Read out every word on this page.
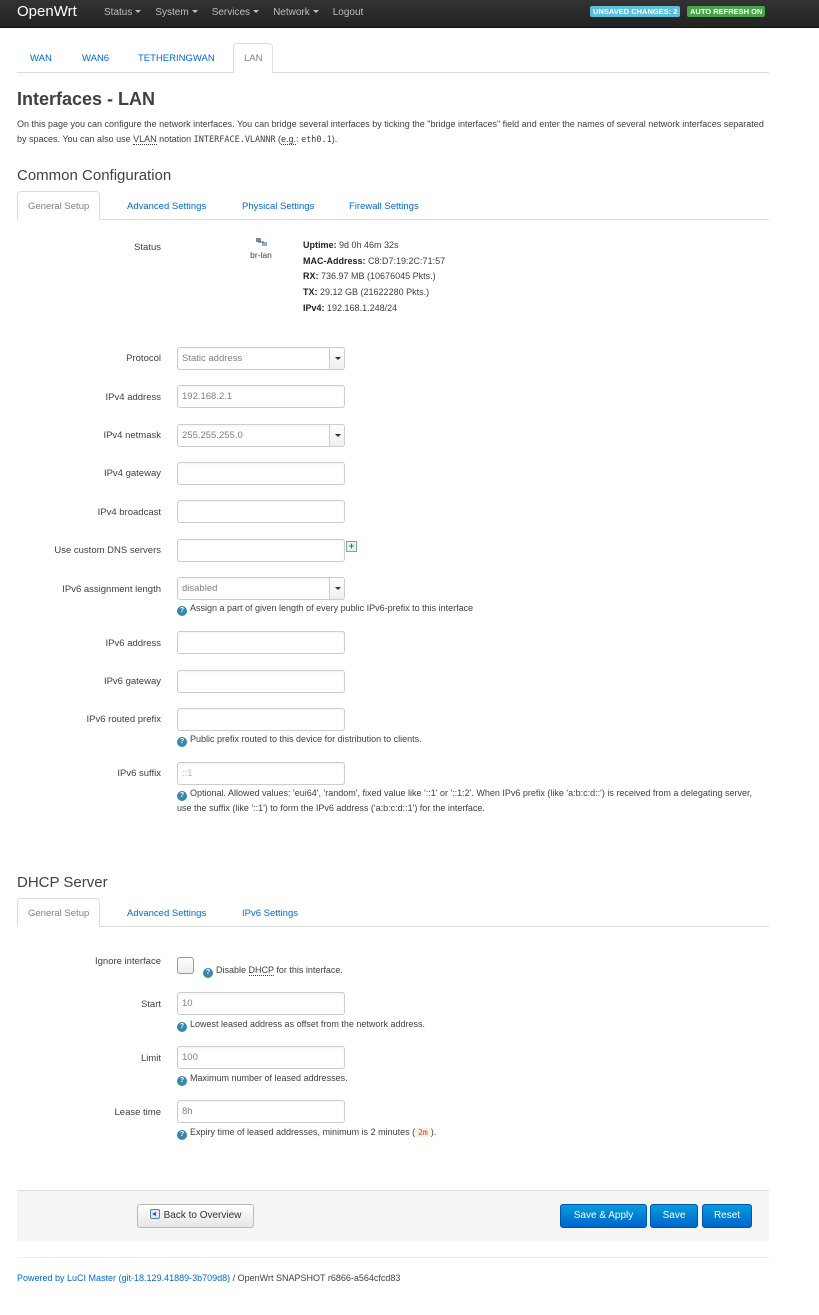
OpenWrt	Status	System	Services	Network	Logout	UNSAVED CHANGES: 2	AUTO REFRESH ON
WAN	WAN6	TETHERINGWAN	LAN
Interfaces - LAN
On this page you can configure the network interfaces. You can bridge several interfaces by ticking the "bridge interfaces" field and enter the names of several network interfaces separated by spaces. You can also use VLAN notation INTERFACE.VLANNR (e.g.: eth0.1).
Common Configuration
General Setup	Advanced Settings	Physical Settings	Firewall Settings
Status

br-lan
Uptime: 9d 0h 46m 32s
MAC-Address: C8:D7:19:2C:71:57
RX: 736.97 MB (10676045 Pkts.)
TX: 29.12 GB (21622280 Pkts.)
IPv4: 192.168.1.248/24
Protocol	Static address
IPv4 address	192.168.2.1
IPv4 netmask	255.255.255.0
IPv4 gateway
IPv4 broadcast
Use custom DNS servers	+
IPv6 assignment length	disabled
? Assign a part of given length of every public IPv6-prefix to this interface
IPv6 address
IPv6 gateway
IPv6 routed prefix
? Public prefix routed to this device for distribution to clients.
IPv6 suffix	::1
? Optional. Allowed values: 'eui64', 'random', fixed value like '::1' or '::1:2'. When IPv6 prefix (like 'a:b:c:d::') is received from a delegating server, use the suffix (like '::1') to form the IPv6 address ('a:b:c:d::1') for the interface.
DHCP Server
General Setup	Advanced Settings	IPv6 Settings
Ignore interface
? Disable DHCP for this interface.
Start	10
? Lowest leased address as offset from the network address.
Limit	100
? Maximum number of leased addresses.
Lease time	8h
? Expiry time of leased addresses, minimum is 2 minutes ( 2m ).
Back to Overview	Save & Apply	Save	Reset
Powered by LuCI Master (git-18.129.41889-3b709d8) / OpenWrt SNAPSHOT r6866-a564cfcd83
